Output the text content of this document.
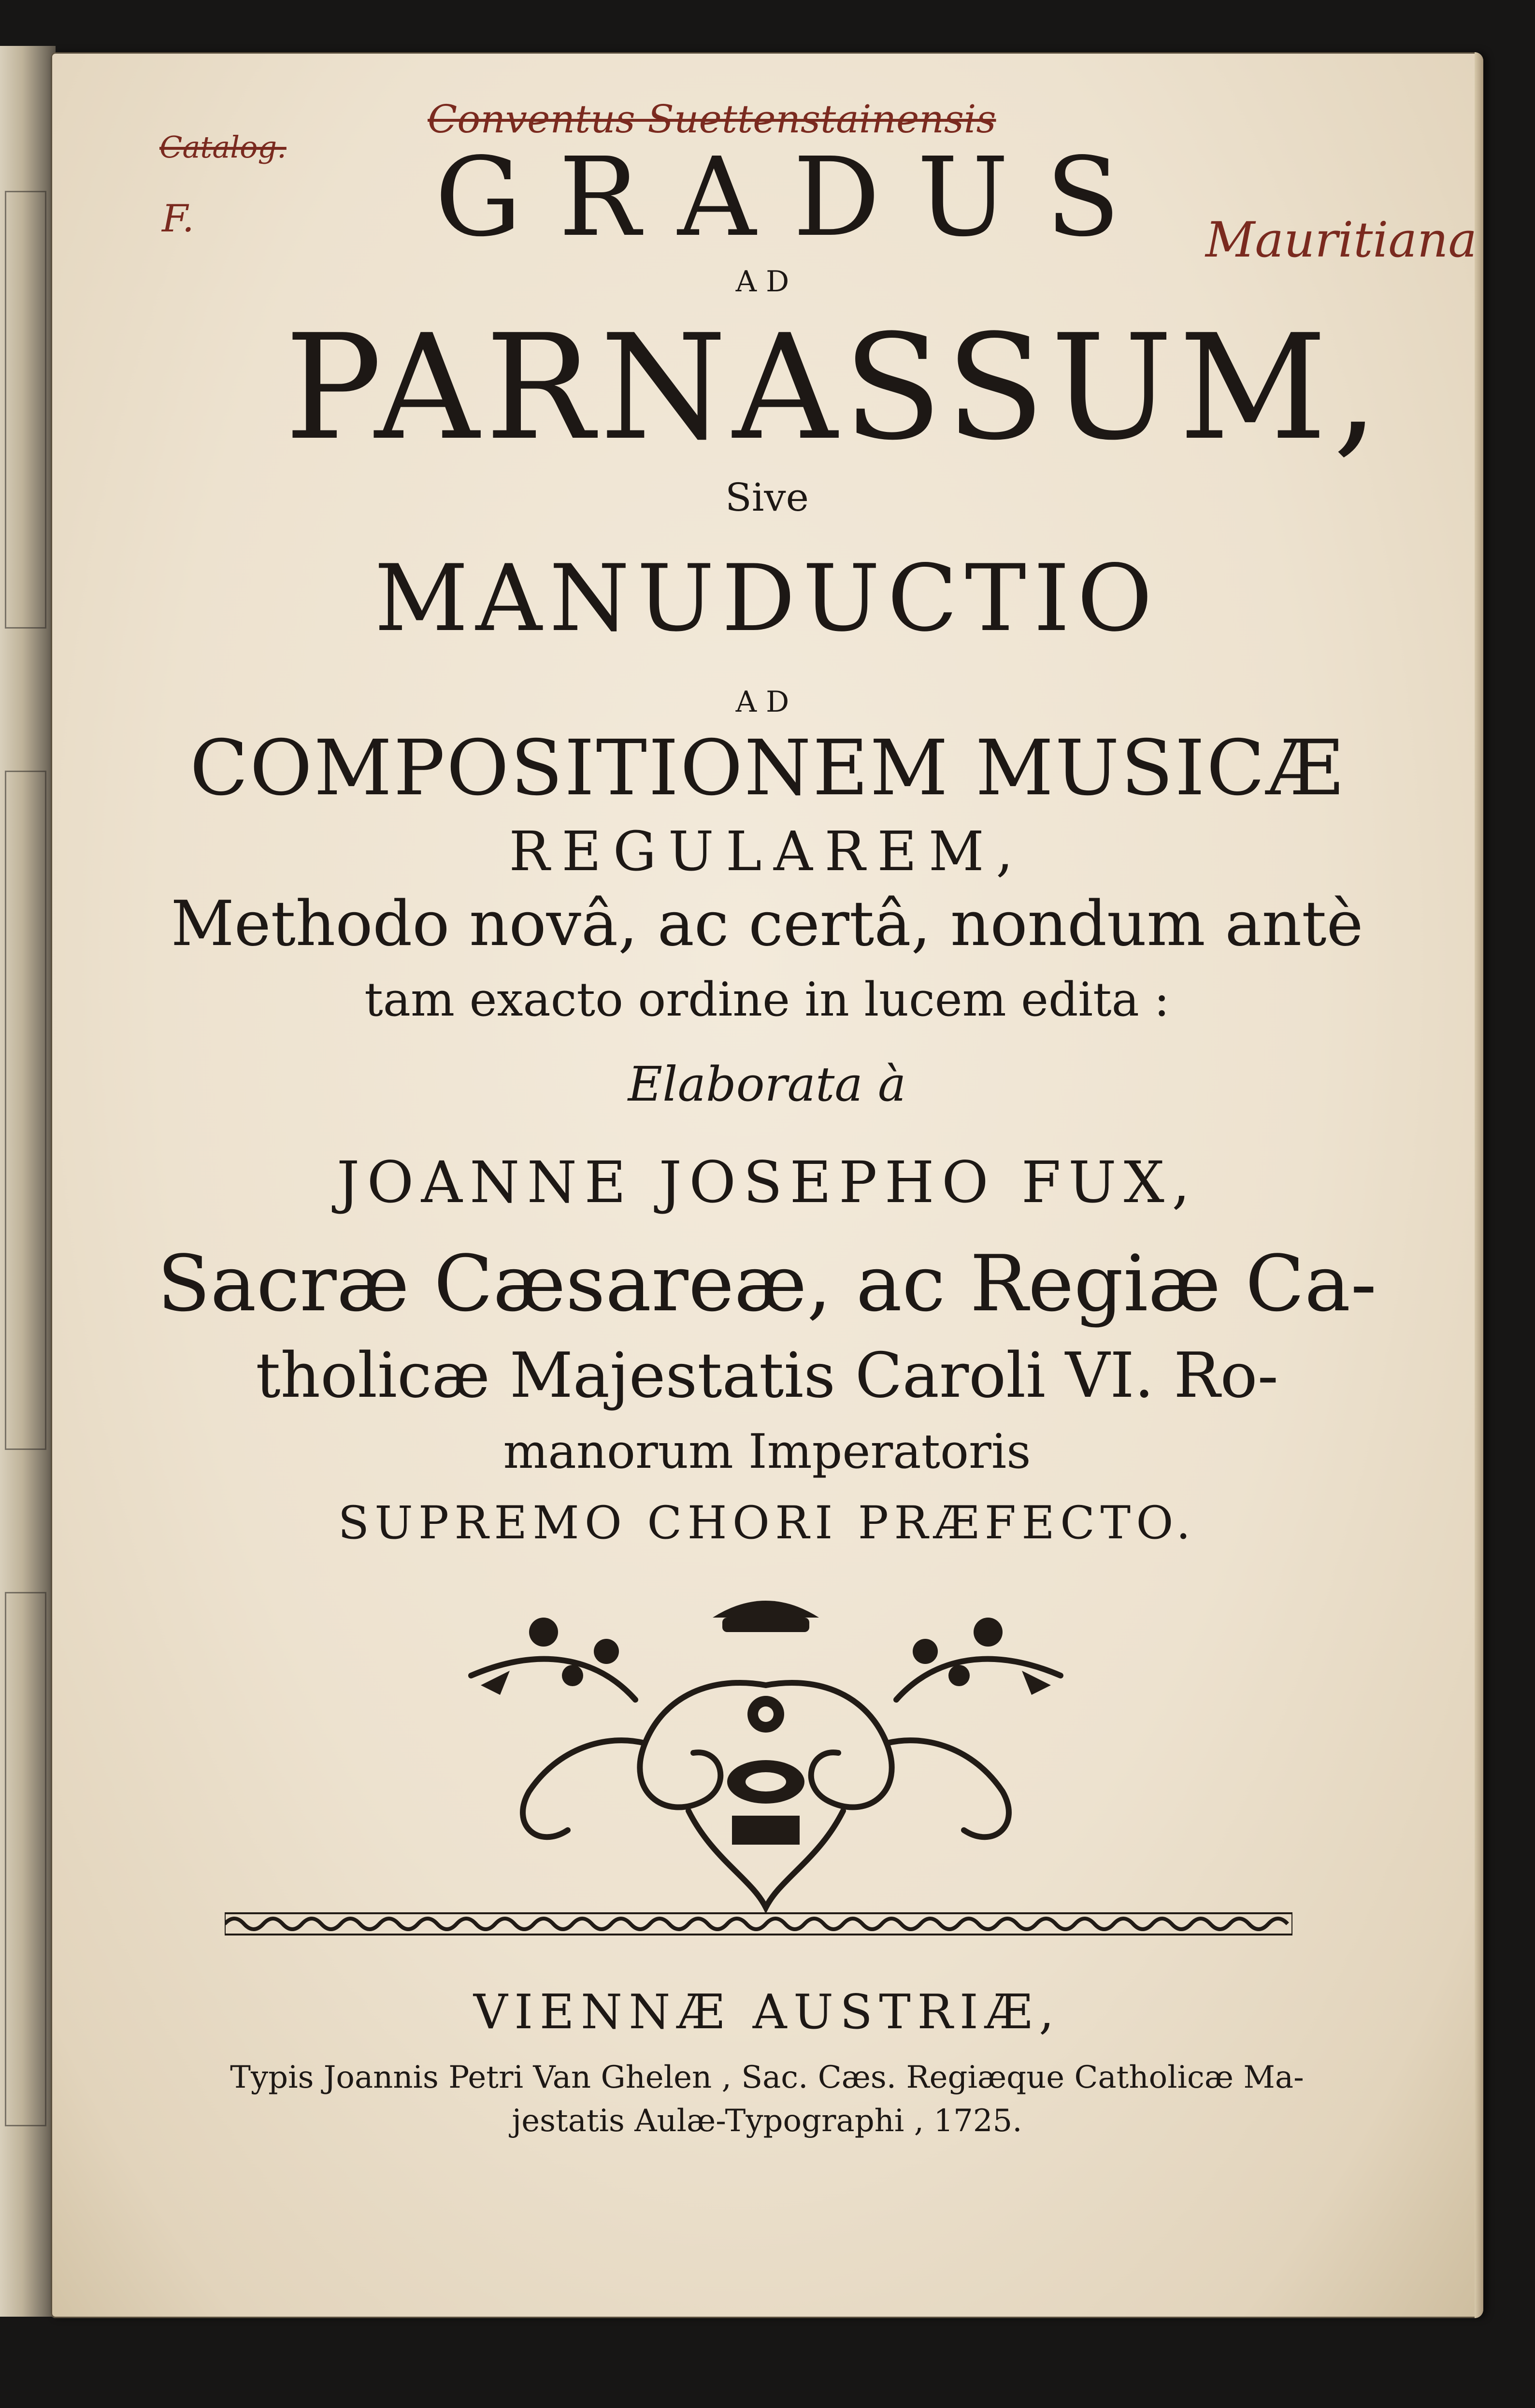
Catalog.
F.
Conventus Suettenstainensis
Mauritiana
GRADUS
AD
PARNASSUM,
Sive
MANUDUCTIO
AD
COMPOSITIONEM MUSICÆ
REGULAREM,
Methodo novâ, ac certâ, nondum antè
tam exacto ordine in lucem edita :
Elaborata à
JOANNE JOSEPHO FUX,
Sacræ Cæsareæ, ac Regiæ Ca-
tholicæ Majestatis Caroli VI. Ro-
manorum Imperatoris
SUPREMO CHORI PRÆFECTO.
VIENNÆ AUSTRIÆ,
Typis Joannis Petri Van Ghelen , Sac. Cæs. Regiæque Catholicæ Ma-
jestatis Aulæ-Typographi , 1725.
